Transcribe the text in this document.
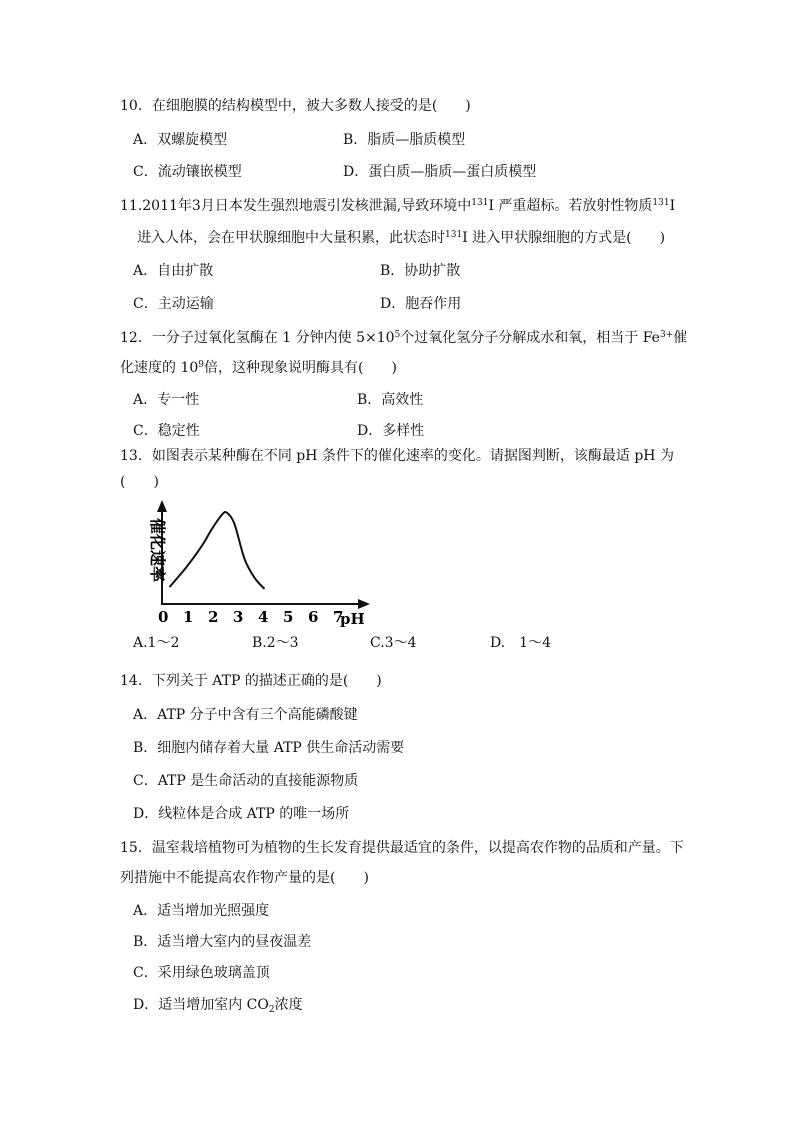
10．在细胞膜的结构模型中，被大多数人接受的是(　　)
A．双螺旋模型	B．脂质—脂质模型
C．流动镶嵌模型	D．蛋白质—脂质—蛋白质模型
11.2011年3月日本发生强烈地震引发核泄漏,导致环境中$^{131}$I 严重超标。若放射性物质$^{131}$I
进入人体，会在甲状腺细胞中大量积累，此状态时$^{131}$I 进入甲状腺细胞的方式是(　　)
A．自由扩散	B．协助扩散
C．主动运输	D．胞吞作用
12．一分子过氧化氢酶在 1 分钟内使 $5\times 10^5$个过氧化氢分子分解成水和氧，相当于 $Fe^{3+}$催
化速度的 $10^9$倍，这种现象说明酶具有(　　)
A．专一性	B．高效性
C．稳定性	D．多样性
13．如图表示某种酶在不同 pH 条件下的催化速率的变化。请据图判断，该酶最适 pH 为
(　　)
催化速率
pH
0 1 2 3 4 5 6 7
A.1～2	B.2～3	C.3～4	D.　1～4
14．下列关于 ATP 的描述正确的是(　　)
A．ATP 分子中含有三个高能磷酸键
B．细胞内储存着大量 ATP 供生命活动需要
C．ATP 是生命活动的直接能源物质
D．线粒体是合成 ATP 的唯一场所
15．温室栽培植物可为植物的生长发育提供最适宜的条件，以提高农作物的品质和产量。下
列措施中不能提高农作物产量的是(　　)
A．适当增加光照强度
B．适当增大室内的昼夜温差
C．采用绿色玻璃盖顶
D．适当增加室内 $CO_2$浓度
